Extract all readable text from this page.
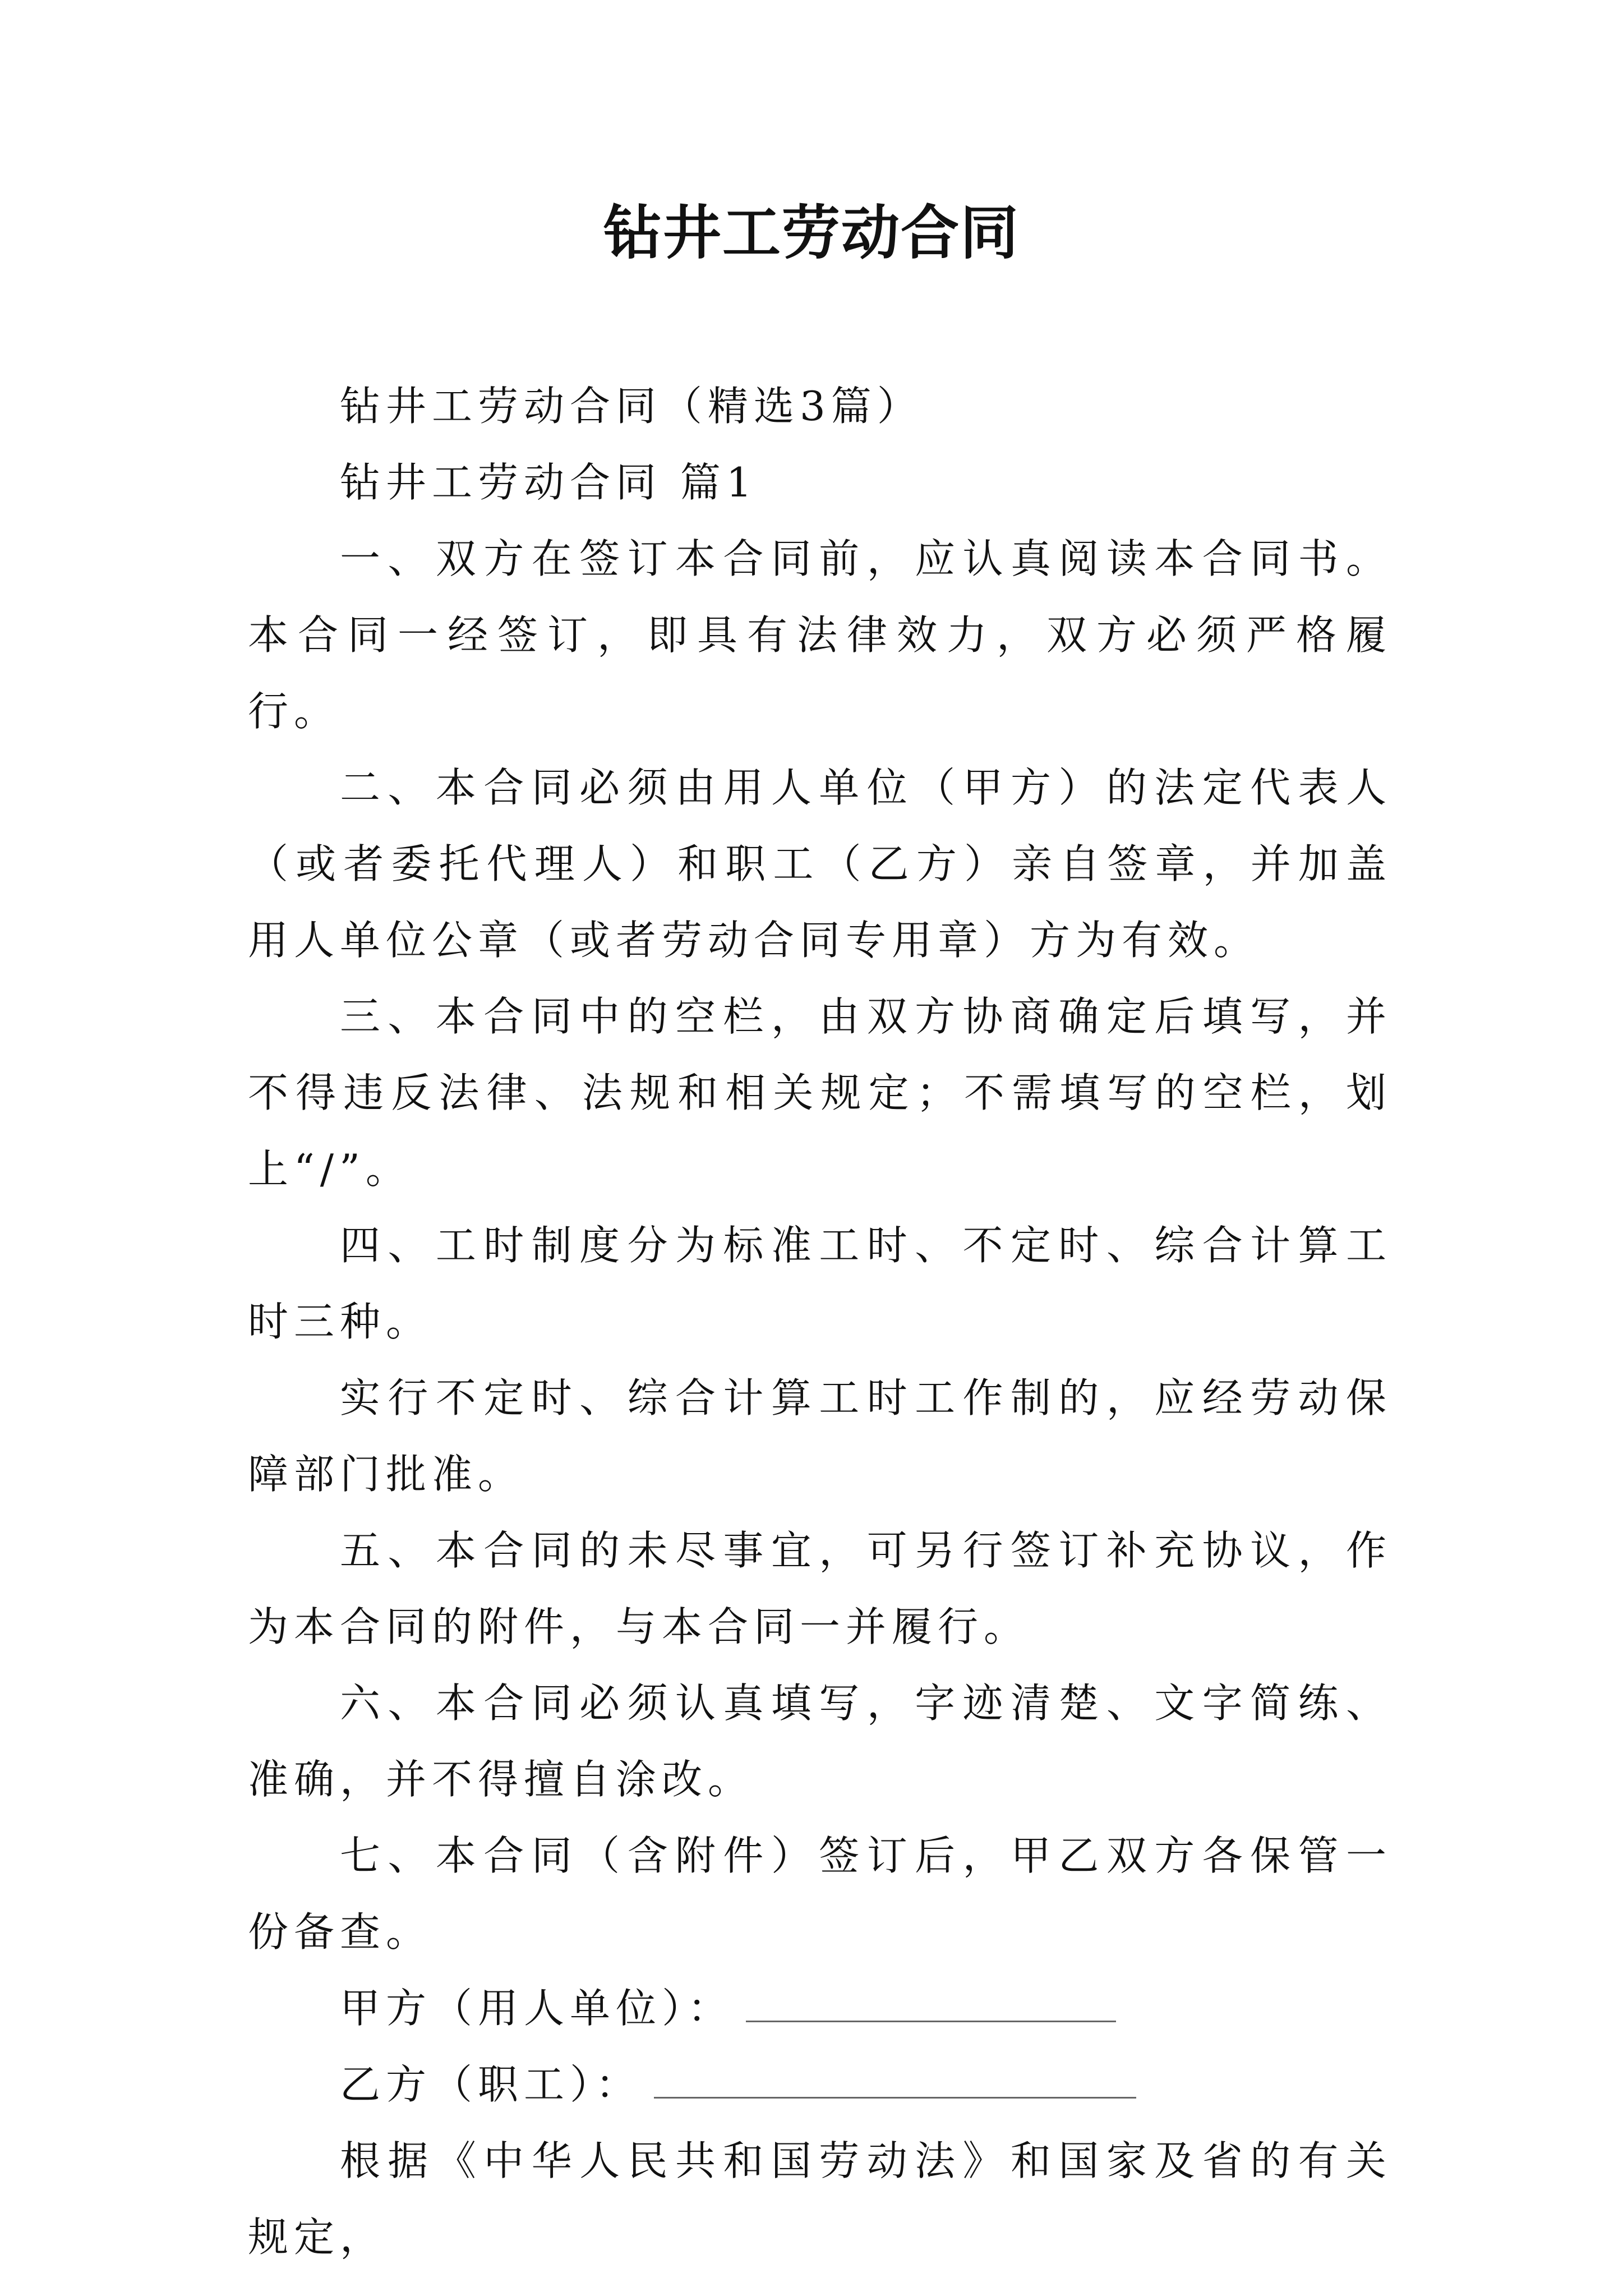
钻井工劳动合同

钻井工劳动合同（精选3篇）

钻井工劳动合同 篇1

一、双方在签订本合同前，应认真阅读本合同书。本合同一经签订，即具有法律效力，双方必须严格履行。

二、本合同必须由用人单位（甲方）的法定代表人（或者委托代理人）和职工（乙方）亲自签章，并加盖用人单位公章（或者劳动合同专用章）方为有效。

三、本合同中的空栏，由双方协商确定后填写，并不得违反法律、法规和相关规定；不需填写的空栏，划上“/”。

四、工时制度分为标准工时、不定时、综合计算工时三种。

实行不定时、综合计算工时工作制的，应经劳动保障部门批准。

五、本合同的未尽事宜，可另行签订补充协议，作为本合同的附件，与本合同一并履行。

六、本合同必须认真填写，字迹清楚、文字简练、准确，并不得擅自涂改。

七、本合同（含附件）签订后，甲乙双方各保管一份备查。

甲方（用人单位）：

乙方（职工）：

根据《中华人民共和国劳动法》和国家及省的有关规定，
